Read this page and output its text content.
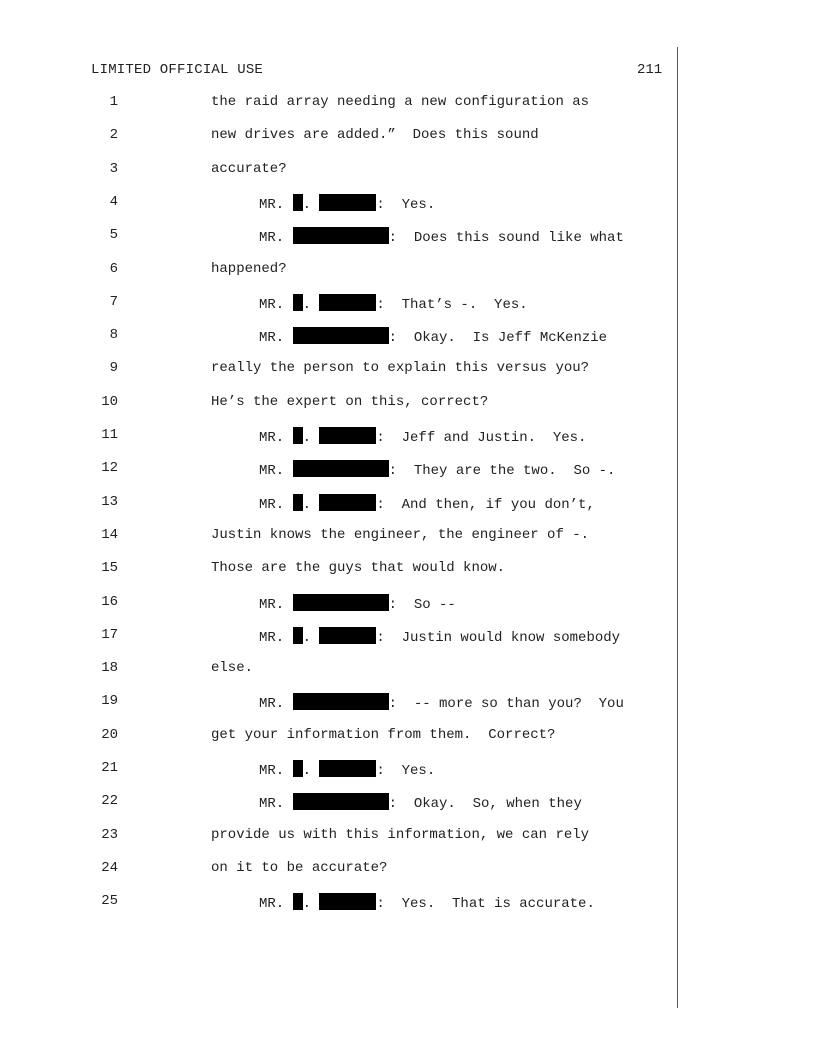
LIMITED OFFICIAL USE	211
1	the raid array needing a new configuration as
2	new drives are added.”  Does this sound
3	accurate?
4	MR. .	:  Yes.
5	MR.	:  Does this sound like what
6	happened?
7	MR. .	:  That’s -.  Yes.
8	MR.	:  Okay.  Is Jeff McKenzie
9	really the person to explain this versus you?
10	He’s the expert on this, correct?
11	MR. .	:  Jeff and Justin.  Yes.
12	MR.	:  They are the two.  So -.
13	MR. .	:  And then, if you don’t,
14	Justin knows the engineer, the engineer of -.
15	Those are the guys that would know.
16	MR.	:  So --
17	MR. .	:  Justin would know somebody
18	else.
19	MR.	:  -- more so than you?  You
20	get your information from them.  Correct?
21	MR. .	:  Yes.
22	MR.	:  Okay.  So, when they
23	provide us with this information, we can rely
24	on it to be accurate?
25	MR. .	:  Yes.  That is accurate.
